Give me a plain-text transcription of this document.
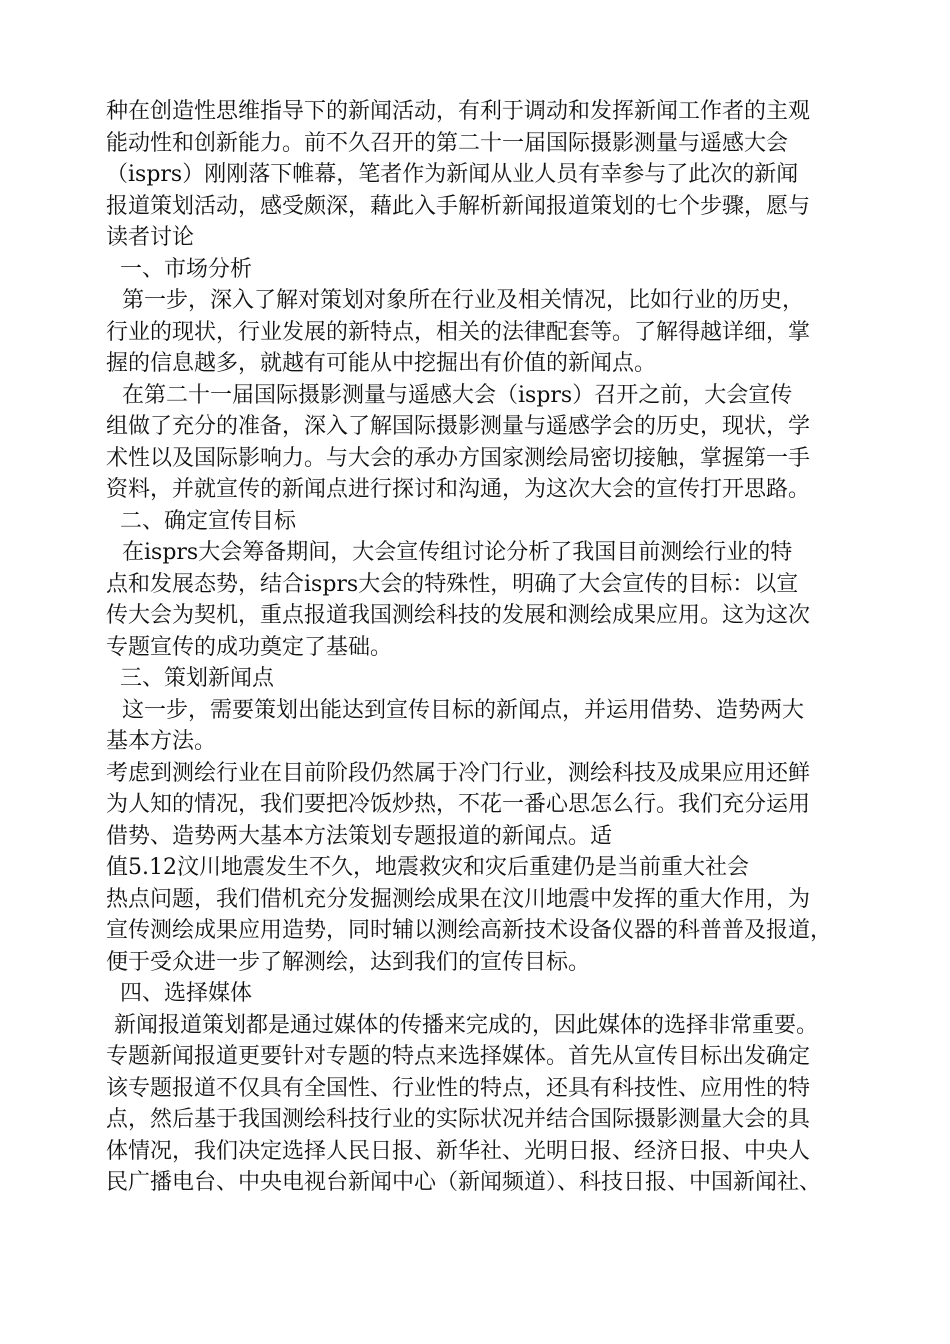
种在创造性思维指导下的新闻活动，有利于调动和发挥新闻工作者的主观
能动性和创新能力。前不久召开的第二十一届国际摄影测量与遥感大会
（isprs）刚刚落下帷幕，笔者作为新闻从业人员有幸参与了此次的新闻
报道策划活动，感受颇深，藉此入手解析新闻报道策划的七个步骤，愿与
读者讨论
一、市场分析
第一步，深入了解对策划对象所在行业及相关情况，比如行业的历史，
行业的现状，行业发展的新特点，相关的法律配套等。了解得越详细，掌
握的信息越多，就越有可能从中挖掘出有价值的新闻点。
在第二十一届国际摄影测量与遥感大会（isprs）召开之前，大会宣传
组做了充分的准备，深入了解国际摄影测量与遥感学会的历史，现状，学
术性以及国际影响力。与大会的承办方国家测绘局密切接触，掌握第一手
资料，并就宣传的新闻点进行探讨和沟通，为这次大会的宣传打开思路。
二、确定宣传目标
在isprs大会筹备期间，大会宣传组讨论分析了我国目前测绘行业的特
点和发展态势，结合isprs大会的特殊性，明确了大会宣传的目标：以宣
传大会为契机，重点报道我国测绘科技的发展和测绘成果应用。这为这次
专题宣传的成功奠定了基础。
三、策划新闻点
这一步，需要策划出能达到宣传目标的新闻点，并运用借势、造势两大
基本方法。
考虑到测绘行业在目前阶段仍然属于冷门行业，测绘科技及成果应用还鲜
为人知的情况，我们要把冷饭炒热，不花一番心思怎么行。我们充分运用
借势、造势两大基本方法策划专题报道的新闻点。适
值5.12汶川地震发生不久，地震救灾和灾后重建仍是当前重大社会
热点问题，我们借机充分发掘测绘成果在汶川地震中发挥的重大作用，为
宣传测绘成果应用造势，同时辅以测绘高新技术设备仪器的科普普及报道，
便于受众进一步了解测绘，达到我们的宣传目标。
四、选择媒体
新闻报道策划都是通过媒体的传播来完成的，因此媒体的选择非常重要。
专题新闻报道更要针对专题的特点来选择媒体。首先从宣传目标出发确定
该专题报道不仅具有全国性、行业性的特点，还具有科技性、应用性的特
点，然后基于我国测绘科技行业的实际状况并结合国际摄影测量大会的具
体情况，我们决定选择人民日报、新华社、光明日报、经济日报、中央人
民广播电台、中央电视台新闻中心（新闻频道）、科技日报、中国新闻社、
